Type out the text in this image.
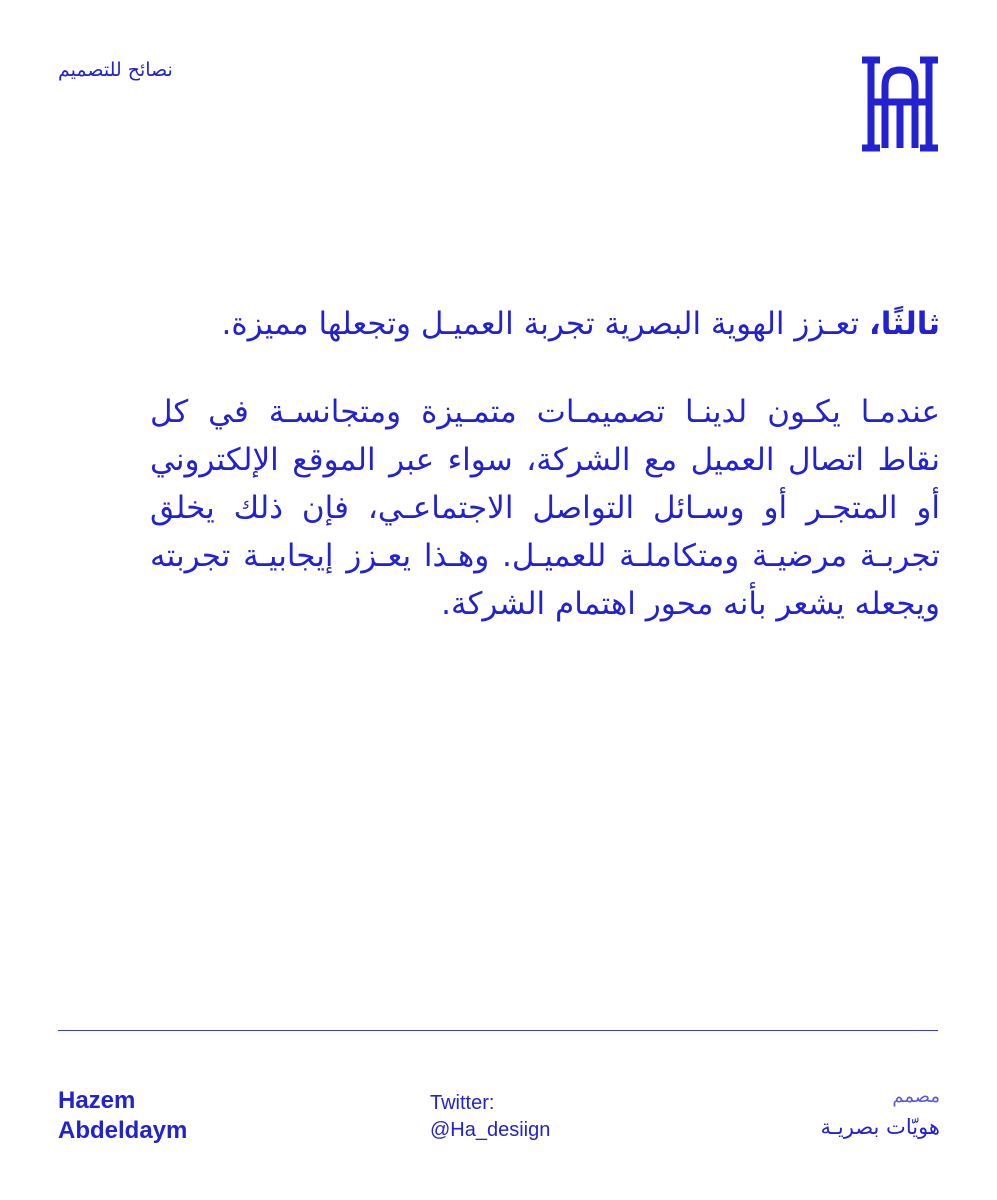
نصائح للتصميم

ثالثًا، تعـزز الهوية البصرية تجربة العميـل وتجعلها مميزة.

عندمـا يكـون لدينـا تصميمـات متمـيزة ومتجانسـة في كل نقاط اتصال العميل مع الشركة، سواء عبر الموقع الإلكتروني أو المتجـر أو وسـائل التواصل الاجتماعـي، فإن ذلك يخلق تجربـة مرضيـة ومتكاملـة للعميـل. وهـذا يعـزز إيجابيـة تجربته ويجعله يشعر بأنه محور اهتمام الشركة.

Hazem
Abdeldaym
Twitter:
@Ha_desiign
مصمم
هويّات بصريـة
